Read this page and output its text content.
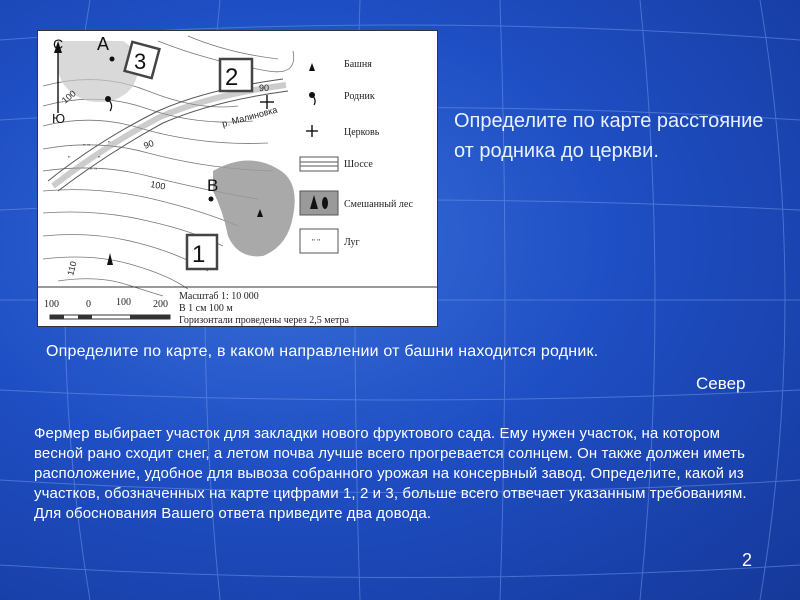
" "
"
" "
"
"
С
Ю
А
В
3
2
1
100
90
100
110
90
р. Малиновка
Башня
Родник
Церковь
Шоссе
Смешанный лес
" " Луг
100	0	100 200
Масштаб 1: 10 000
В 1 см 100 м
Горизонтали проведены через 2,5 метра
Определите по карте расстояние от родника до церкви.
Определите по карте, в каком направлении от башни находится родник.
Север
Фермер выбирает участок для закладки нового фруктового сада. Ему нужен участок, на котором весной рано сходит снег, а летом почва лучше всего прогревается солнцем. Он также должен иметь расположение, удобное для вывоза собранного урожая на консервный завод. Определите, какой из участков, обозначенных на карте цифрами 1, 2 и 3, больше всего отвечает указанным требованиям. Для обоснования Вашего ответа приведите два довода.
2
